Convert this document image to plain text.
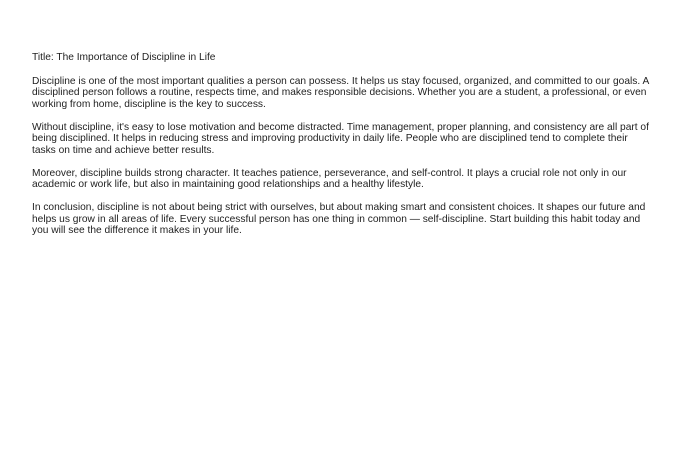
Title: The Importance of Discipline in Life

Discipline is one of the most important qualities a person can possess. It helps us stay focused, organized, and committed to our goals. A disciplined person follows a routine, respects time, and makes responsible decisions. Whether you are a student, a professional, or even working from home, discipline is the key to success.

Without discipline, it's easy to lose motivation and become distracted. Time management, proper planning, and consistency are all part of being disciplined. It helps in reducing stress and improving productivity in daily life. People who are disciplined tend to complete their tasks on time and achieve better results.

Moreover, discipline builds strong character. It teaches patience, perseverance, and self-control. It plays a crucial role not only in our academic or work life, but also in maintaining good relationships and a healthy lifestyle.

In conclusion, discipline is not about being strict with ourselves, but about making smart and consistent choices. It shapes our future and helps us grow in all areas of life. Every successful person has one thing in common — self-discipline. Start building this habit today and you will see the difference it makes in your life.
